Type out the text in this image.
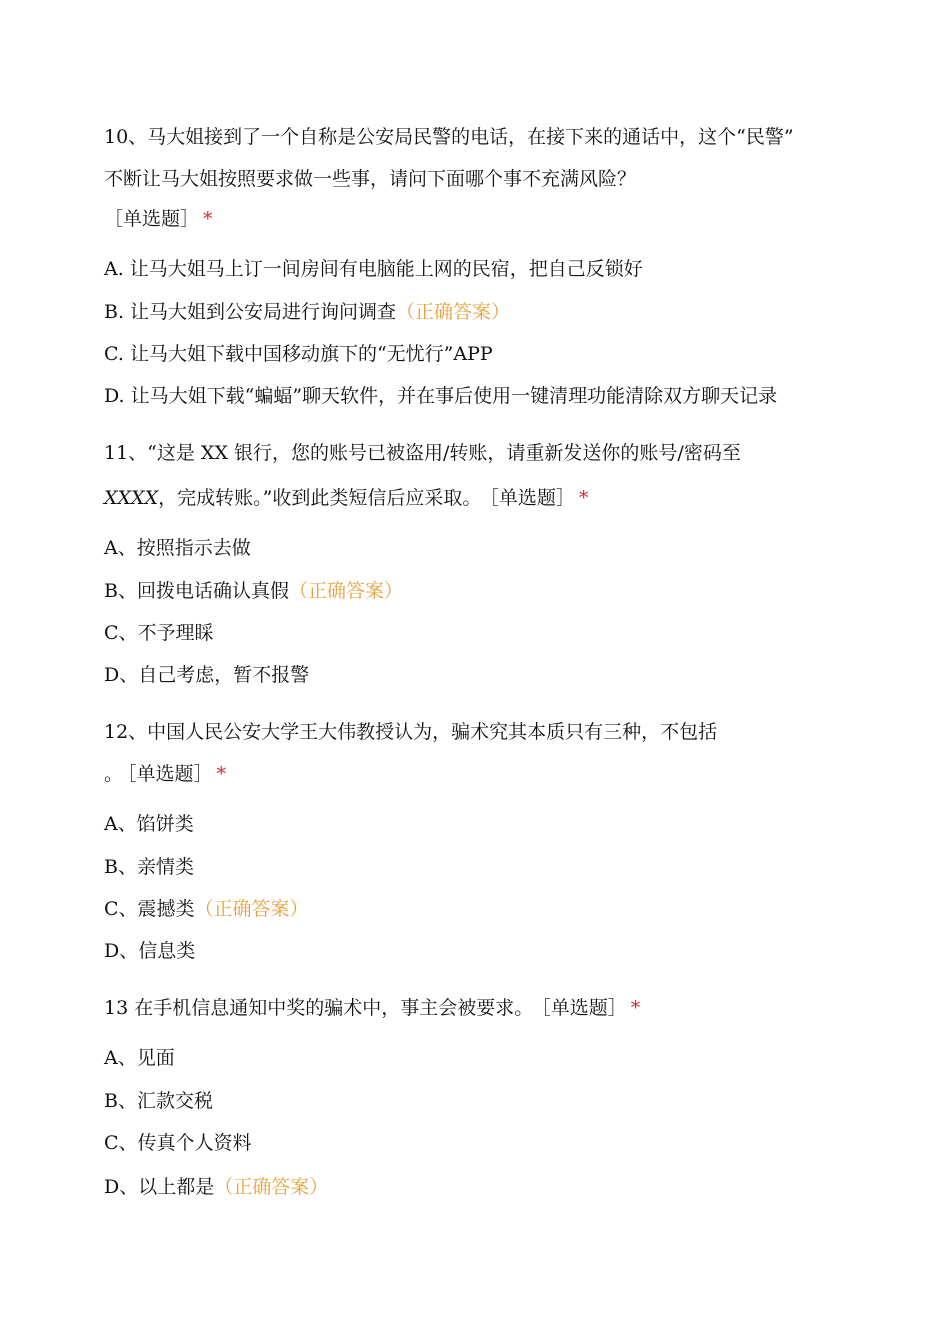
10、马大姐接到了一个自称是公安局民警的电话，在接下来的通话中，这个“民警”
不断让马大姐按照要求做一些事，请问下面哪个事不充满风险？
［单选题］ *
A. 让马大姐马上订一间房间有电脑能上网的民宿，把自己反锁好
B. 让马大姐到公安局进行询问调查（正确答案）
C. 让马大姐下载中国移动旗下的“无忧行”APP
D. 让马大姐下载“蝙蝠”聊天软件，并在事后使用一键清理功能清除双方聊天记录
11、“这是 XX 银行，您的账号已被盗用/转账，请重新发送你的账号/密码至
XXXX，完成转账。”收到此类短信后应采取。 ［单选题］ *
A、按照指示去做
B、回拨电话确认真假（正确答案）
C、不予理睬
D、自己考虑，暂不报警
12、中国人民公安大学王大伟教授认为，骗术究其本质只有三种，不包括
。 ［单选题］ *
A、馅饼类
B、亲情类
C、震撼类（正确答案）
D、信息类
13 在手机信息通知中奖的骗术中，事主会被要求。 ［单选题］ *
A、见面
B、汇款交税
C、传真个人资料
D、以上都是（正确答案）
